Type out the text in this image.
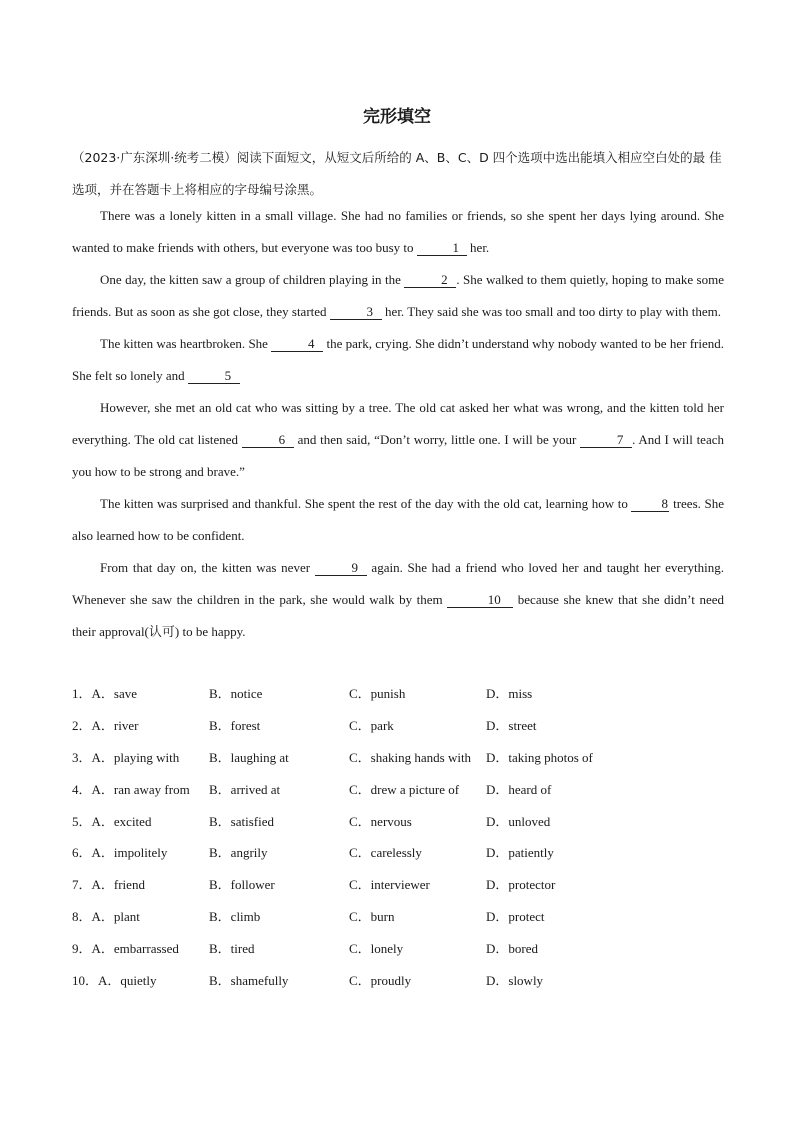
完形填空
（2023·广东深圳·统考二模）阅读下面短文，从短文后所给的 A、B、C、D 四个选项中选出能填入相应空白处的最 佳选项，并在答题卡上将相应的字母编号涂黑。

There was a lonely kitten in a small village. She had no families or friends, so she spent her days lying around. She wanted to make friends with others, but everyone was too busy to	1 her.

One day, the kitten saw a group of children playing in the	2 . She walked to them quietly, hoping to make some friends. But as soon as she got close, they started	3 her. They said she was too small and too dirty to play with them.

The kitten was heartbroken. She	4 the park, crying. She didn’t understand why nobody wanted to be her friend. She felt so lonely and	5

However, she met an old cat who was sitting by a tree. The old cat asked her what was wrong, and the kitten told her everything. The old cat listened	6 and then said, “Don’t worry, little one. I will be your	7 . And I will teach you how to be strong and brave.”

The kitten was surprised and thankful. She spent the rest of the day with the old cat, learning how to 8 trees. She also learned how to be confident.

From that day on, the kitten was never	9 again. She had a friend who loved her and taught her everything. Whenever she saw the children in the park, she would walk by them	10 because she knew that she didn’t need their approval(认可) to be happy.

1．A．save	B．notice	C．punish	D．miss
2．A．river	B．forest	C．park	D．street
3．A．playing with B．laughing at	C．shaking hands with D．taking photos of
4．A．ran away from B．arrived at	C．drew a picture of D．heard of
5．A．excited	B．satisfied	C．nervous	D．unloved
6．A．impolitely	B．angrily	C．carelessly	D．patiently
7．A．friend	B．follower	C．interviewer	D．protector
8．A．plant	B．climb	C．burn	D．protect
9．A．embarrassed B．tired	C．lonely	D．bored
10．A．quietly	B．shamefully	C．proudly	D．slowly
